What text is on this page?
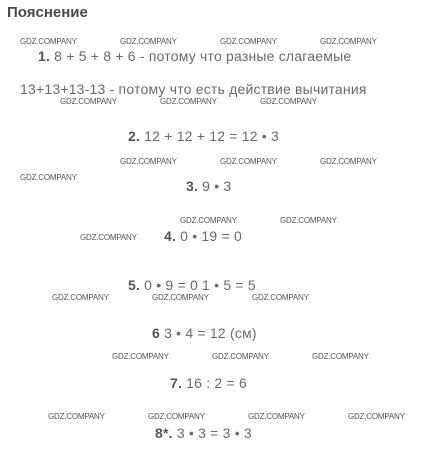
Пояснение
1. 8 + 5 + 8 + 6 - потому что разные слагаемые
13+13+13-13 - потому что есть действие вычитания
2. 12 + 12 + 12 = 12 • 3
3. 9 • 3
4. 0 • 19 = 0
5. 0 • 9 = 0 1 • 5 = 5
6 3 • 4 = 12 (см)
7. 16 : 2 = 6
8*. 3 • 3 = 3 • 3
GDZ.COMPANY	GDZ.COMPANY	GDZ.COMPANY	GDZ.COMPANY
GDZ.COMPANY	GDZ.COMPANY	GDZ.COMPANY
GDZ.COMPANY	GDZ.COMPANY	GDZ.COMPANY
GDZ.COMPANY
GDZ.COMPANY	GDZ.COMPANY
GDZ.COMPANY
GDZ.COMPANY	GDZ.COMPANY	GDZ.COMPANY
GDZ.COMPANY	GDZ.COMPANY	GDZ.COMPANY
GDZ.COMPANY	GDZ.COMPANY	GDZ.COMPANY	GDZ.COMPANY
